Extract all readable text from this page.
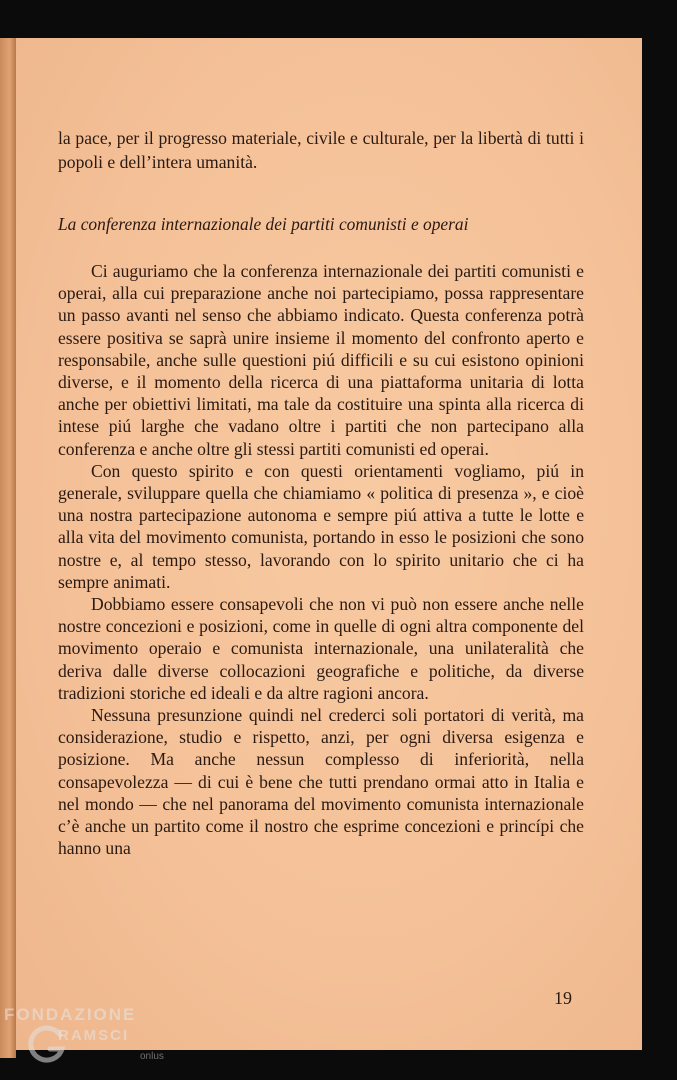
la pace, per il progresso materiale, civile e culturale, per la libertà di tutti i popoli e dell’intera umanità.
La conferenza internazionale dei partiti comunisti e operai

Ci auguriamo che la conferenza internazionale dei partiti comunisti e operai, alla cui preparazione anche noi partecipiamo, possa rappresentare un passo avanti nel senso che abbiamo indicato. Questa conferenza potrà essere positiva se saprà unire insieme il momento del confronto aperto e responsabile, anche sulle questioni piú difficili e su cui esistono opinioni diverse, e il momento della ricerca di una piattaforma unitaria di lotta anche per obiettivi limitati, ma tale da costituire una spinta alla ricerca di intese piú larghe che vadano oltre i partiti che non partecipano alla conferenza e anche oltre gli stessi partiti comunisti ed operai.

Con questo spirito e con questi orientamenti vogliamo, piú in generale, sviluppare quella che chiamiamo « politica di presenza », e cioè una nostra partecipazione autonoma e sempre piú attiva a tutte le lotte e alla vita del movimento comunista, portando in esso le posizioni che sono nostre e, al tempo stesso, lavorando con lo spirito unitario che ci ha sempre animati.

Dobbiamo essere consapevoli che non vi può non essere anche nelle nostre concezioni e posizioni, come in quelle di ogni altra componente del movimento operaio e comunista internazionale, una unilateralità che deriva dalle diverse collocazioni geografiche e politiche, da diverse tradizioni storiche ed ideali e da altre ragioni ancora.

Nessuna presunzione quindi nel crederci soli portatori di verità, ma considerazione, studio e rispetto, anzi, per ogni diversa esigenza e posizione. Ma anche nessun complesso di inferiorità, nella consapevolezza — di cui è bene che tutti prendano ormai atto in Italia e nel mondo — che nel panorama del movimento comunista internazionale c’è anche un partito come il nostro che esprime concezioni e princípi che hanno una

19
FONDAZIONE
RAMSCI
onlus
